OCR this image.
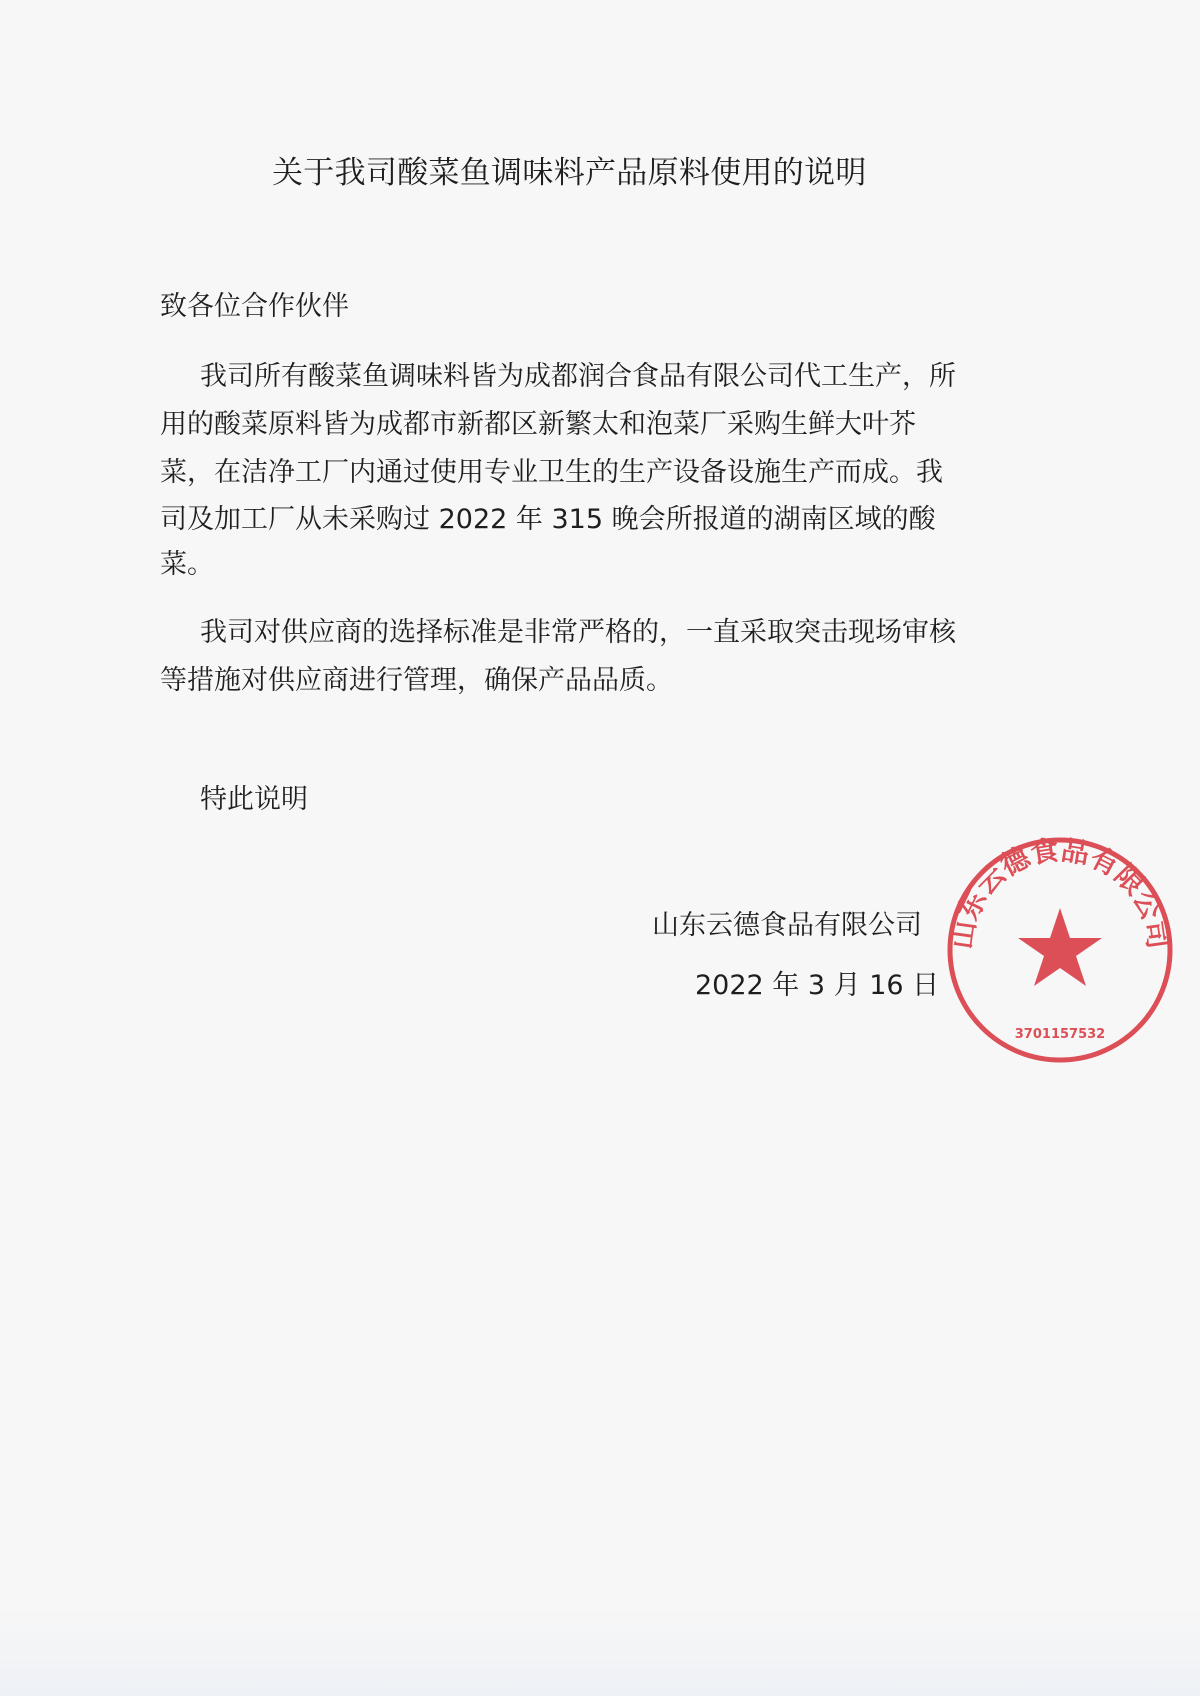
关于我司酸菜鱼调味料产品原料使用的说明
致各位合作伙伴
我司所有酸菜鱼调味料皆为成都润合食品有限公司代工生产，所
用的酸菜原料皆为成都市新都区新繁太和泡菜厂采购生鲜大叶芥
菜，在洁净工厂内通过使用专业卫生的生产设备设施生产而成。我
司及加工厂从未采购过 2022 年 315 晚会所报道的湖南区域的酸
菜。
我司对供应商的选择标准是非常严格的，一直采取突击现场审核
等措施对供应商进行管理，确保产品品质。
特此说明
山东云德食品有限公司
3701157532
山东云德食品有限公司
2022 年 3 月 16 日
